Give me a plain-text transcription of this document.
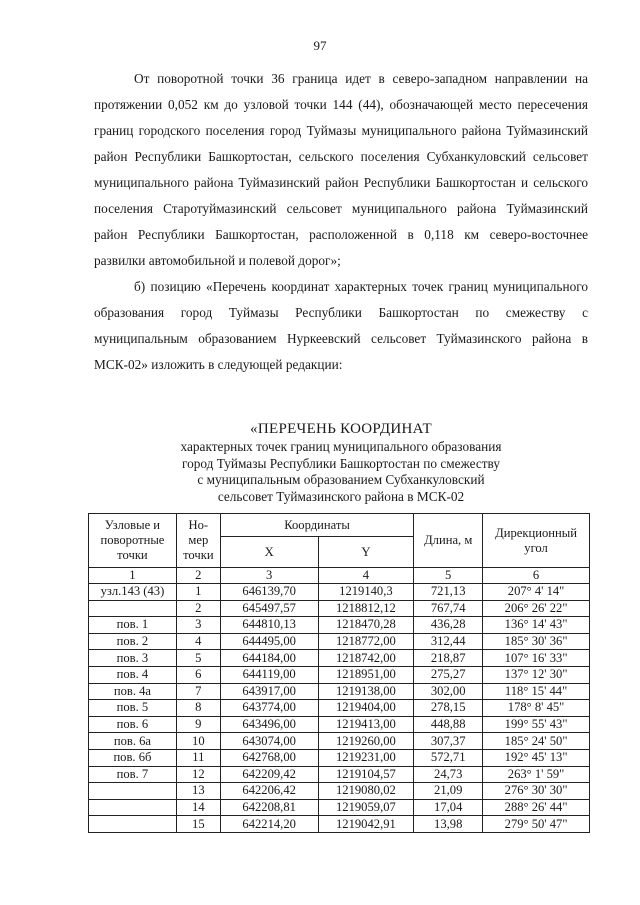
97

От поворотной точки 36 граница идет в северо-западном направлении на протяжении 0,052 км до узловой точки 144 (44), обозначающей место пересечения границ городского поселения город Туймазы муниципального района Туймазинский район Республики Башкортостан, сельского поселения Субханкуловский сельсовет муниципального района Туймазинский район Республики Башкортостан и сельского поселения Старотуймазинский сельсовет муниципального района Туймазинский район Республики Башкортостан, расположенной в 0,118 км северо-восточнее развилки автомобильной и полевой дорог»;

б) позицию «Перечень координат характерных точек границ муниципального образования город Туймазы Республики Башкортостан по смежеству с муниципальным образованием Нуркеевский сельсовет Туймазинского района в МСК-02» изложить в следующей редакции:

«ПЕРЕЧЕНЬ КООРДИНАТ
характерных точек границ муниципального образования
город Туймазы Республики Башкортостан по смежеству
с муниципальным образованием Субханкуловский
сельсовет Туймазинского района в МСК-02
Узловые и поворотные точки	Но-мер точки	Координаты		Длина, м	Дирекционный угол
		X	Y		
1	2	3	4	5	6
узл.143 (43)	1	646139,70	1219140,3	721,13	207° 4' 14"
	2	645497,57	1218812,12	767,74	206° 26' 22"
пов. 1	3	644810,13	1218470,28	436,28	136° 14' 43"
пов. 2	4	644495,00	1218772,00	312,44	185° 30' 36"
пов. 3	5	644184,00	1218742,00	218,87	107° 16' 33"
пов. 4	6	644119,00	1218951,00	275,27	137° 12' 30"
пов. 4а	7	643917,00	1219138,00	302,00	118° 15' 44"
пов. 5	8	643774,00	1219404,00	278,15	178° 8' 45"
пов. 6	9	643496,00	1219413,00	448,88	199° 55' 43"
пов. 6а	10	643074,00	1219260,00	307,37	185° 24' 50"
пов. 6б	11	642768,00	1219231,00	572,71	192° 45' 13"
пов. 7	12	642209,42	1219104,57	24,73	263° 1' 59"
	13	642206,42	1219080,02	21,09	276° 30' 30"
	14	642208,81	1219059,07	17,04	288° 26' 44"
	15	642214,20	1219042,91	13,98	279° 50' 47"
